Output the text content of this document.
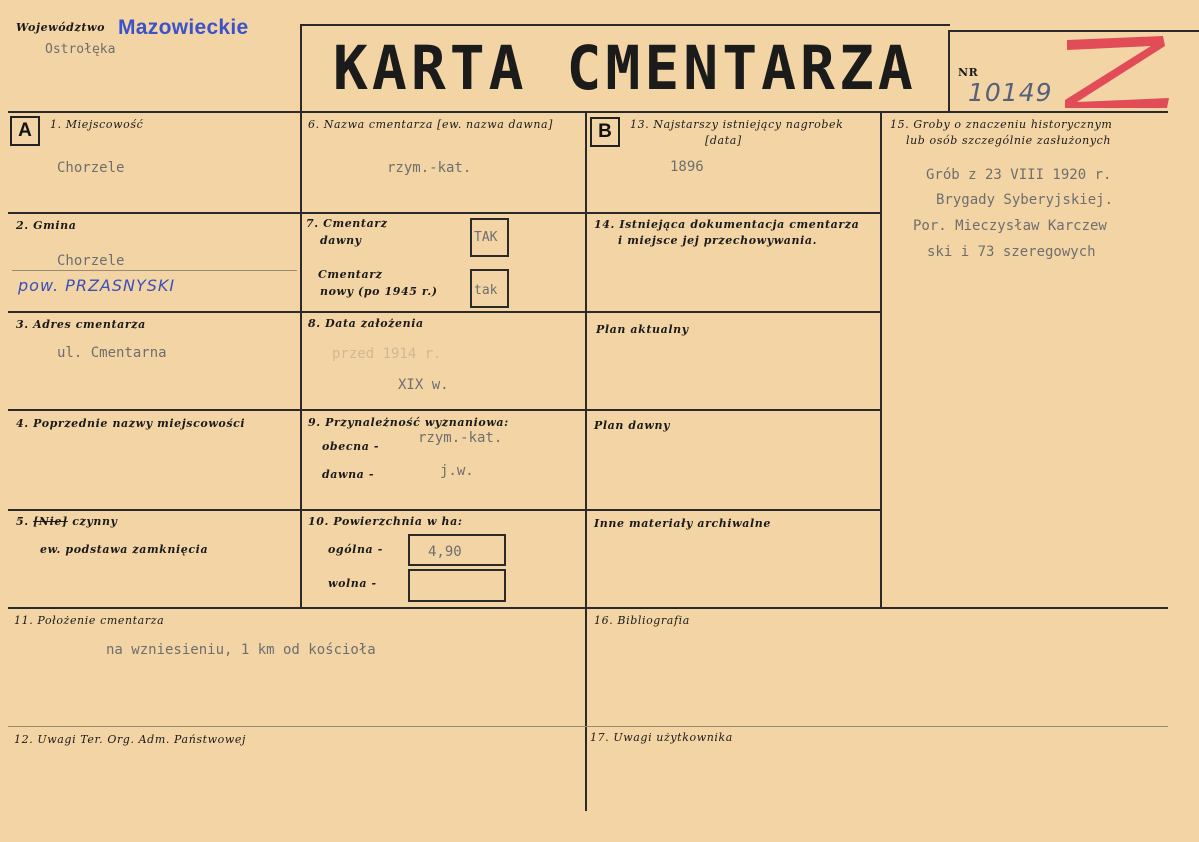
Województwo Mazowieckie
Ostrołęka	KARTA CMENTARZA	NR
10149
A	1. Miejscowość
Chorzele
2. Gmina
Chorzele
pow. PRZASNYSKI
3. Adres cmentarza
ul. Cmentarna
4. Poprzednie nazwy miejscowości
5. [Nie] czynny
ew. podstawa zamknięcia
6. Nazwa cmentarza [ew. nazwa dawna]
rzym.-kat.
7. Cmentarz
dawny	TAK
Cmentarz
nowy (po 1945 r.)	tak
8. Data założenia
przed 1914 r.
XIX w.
9. Przynależność wyznaniowa:
obecna -
rzym.-kat.
dawna -	j.w.
10. Powierzchnia w ha:
ogólna -	4,90
wolna -
B	13. Najstarszy istniejący nagrobek
[data]
1896
14. Istniejąca dokumentacja cmentarza
i miejsce jej przechowywania.
Plan aktualny
Plan dawny
Inne materiały archiwalne
15. Groby o znaczeniu historycznym
lub osób szczególnie zasłużonych
Grób z 23 VIII 1920 r.
Brygady Syberyjskiej.
Por. Mieczysław Karczew
ski i 73 szeregowych
11. Położenie cmentarza
na wzniesieniu, 1 km od kościoła
16. Bibliografia
12. Uwagi Ter. Org. Adm. Państwowej	17. Uwagi użytkownika
